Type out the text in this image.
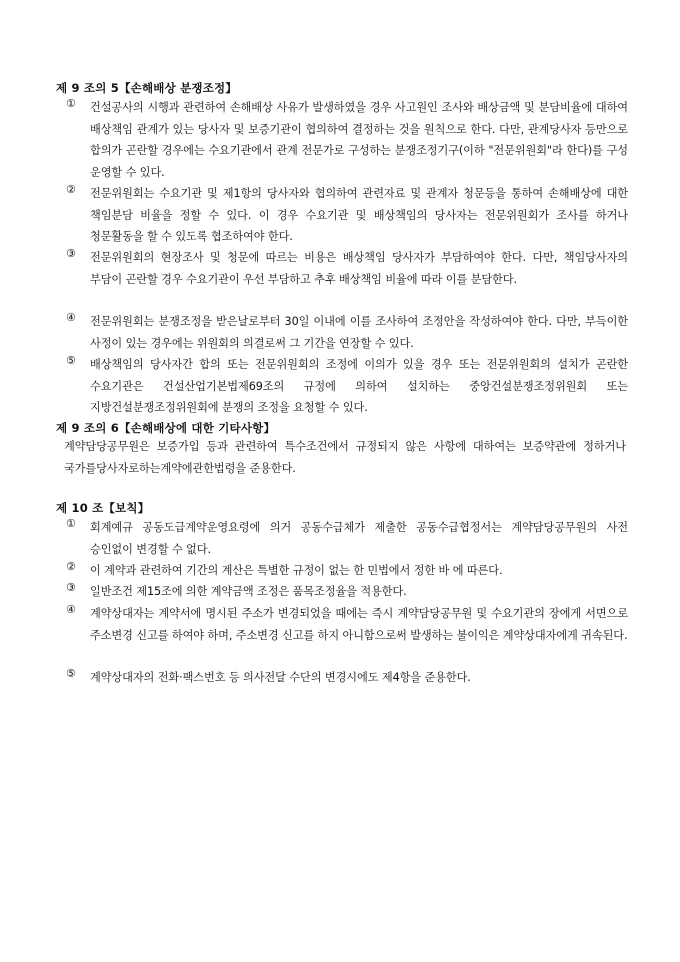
제 9 조의 5【손해배상 분쟁조정】
①	건설공사의 시행과 관련하여 손해배상 사유가 발생하였을 경우 사고원인 조사와 배상금액 및 분담비율에 대하여 배상책임 관계가 있는 당사자 및 보증기관이 협의하여 결정하는 것을 원칙으로 한다. 다만, 관계당사자 등만으로 합의가 곤란할 경우에는 수요기관에서 관계 전문가로 구성하는 분쟁조정기구(이하 "전문위원회"라 한다)를 구성 운영할 수 있다.
②	전문위원회는 수요기관 및 제1항의 당사자와 협의하여 관련자료 및 관계자 청문등을 통하여 손해배상에 대한 책임분담 비율을 정할 수 있다. 이 경우 수요기관 및 배상책임의 당사자는 전문위원회가 조사를 하거나 청문활동을 할 수 있도록 협조하여야 한다.
③	전문위원회의 현장조사 및 청문에 따르는 비용은 배상책임 당사자가 부담하여야 한다. 다만, 책임당사자의 부담이 곤란할 경우 수요기관이 우선 부담하고 추후 배상책임 비율에 따라 이를 분담한다.
④	전문위원회는 분쟁조정을 받은날로부터 30일 이내에 이를 조사하여 조정안을 작성하여야 한다. 다만, 부득이한 사정이 있는 경우에는 위원회의 의결로써 그 기간을 연장할 수 있다.
⑤	배상책임의 당사자간 합의 또는 전문위원회의 조정에 이의가 있을 경우 또는 전문위원회의 설치가 곤란한 수요기관은 건설산업기본법제69조의 규정에 의하여 설치하는 중앙건설분쟁조정위원회 또는 지방건설분쟁조정위원회에 분쟁의 조정을 요청할 수 있다.
제 9 조의 6【손해배상에 대한 기타사항】
계약담당공무원은 보증가입 등과 관련하여 특수조건에서 규정되지 않은 사항에 대하여는 보증약관에 정하거나 국가를당사자로하는계약에관한법령을 준용한다.
제 10 조【보칙】
①	회계예규 공동도급계약운영요령에 의거 공동수급체가 제출한 공동수급협정서는 계약담당공무원의 사전 승인없이 변경할 수 없다.
②	이 계약과 관련하여 기간의 계산은 특별한 규정이 없는 한 민법에서 정한 바 에 따른다.
③	일반조건 제15조에 의한 계약금액 조정은 품목조정율을 적용한다.
④	계약상대자는 계약서에 명시된 주소가 변경되었을 때에는 즉시 계약담당공무원 및 수요기관의 장에게 서면으로 주소변경 신고를 하여야 하며, 주소변경 신고를 하지 아니함으로써 발생하는 불이익은 계약상대자에게 귀속된다.
⑤	계약상대자의 전화·팩스번호 등 의사전달 수단의 변경시에도 제4항을 준용한다.
